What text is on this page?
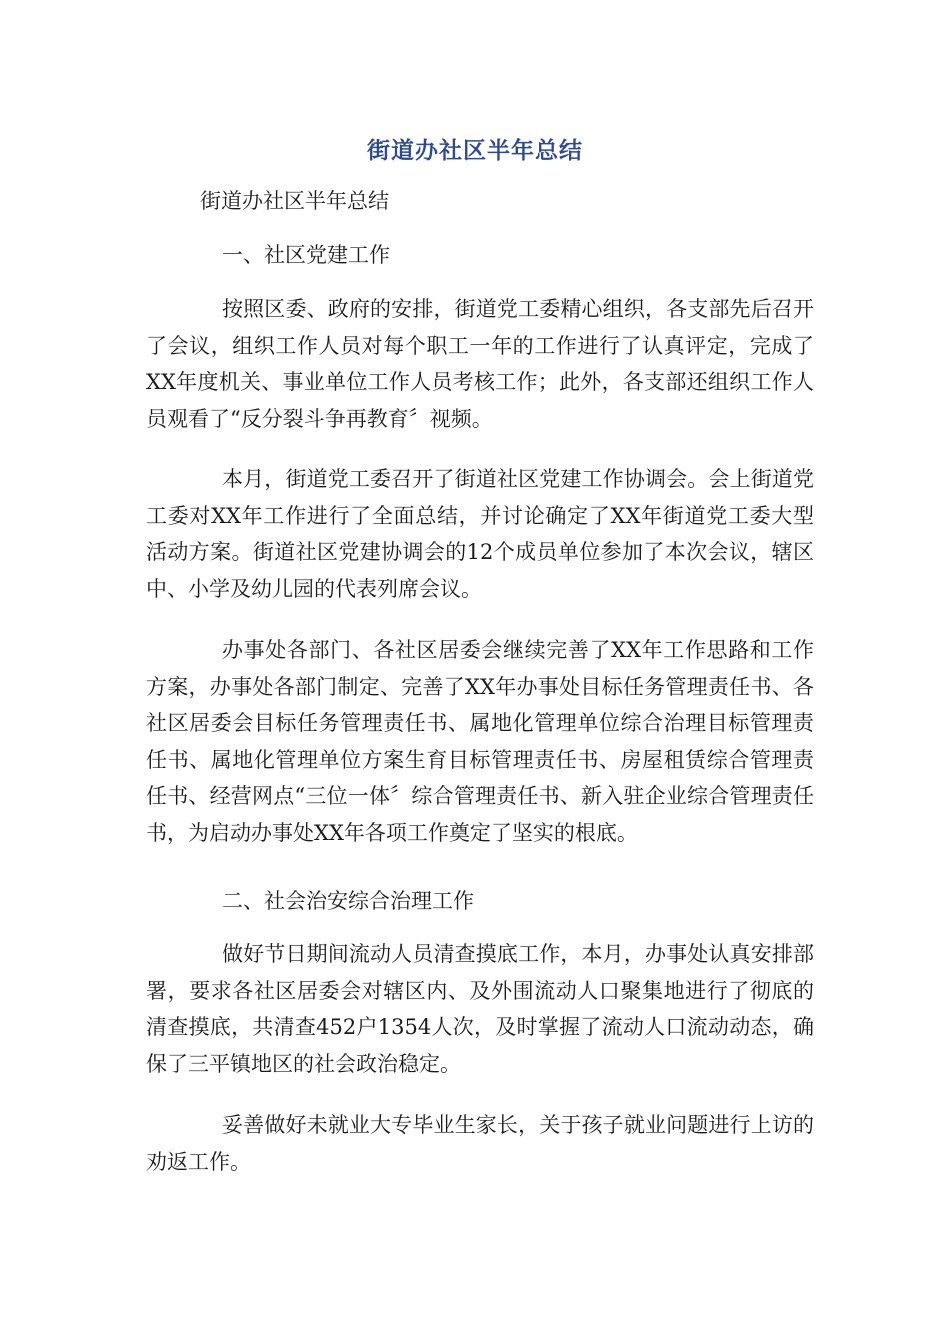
街道办社区半年总结

街道办社区半年总结

一、社区党建工作

按照区委、政府的安排，街道党工委精心组织，各支部先后召开了会议，组织工作人员对每个职工一年的工作进行了认真评定，完成了XX年度机关、事业单位工作人员考核工作；此外，各支部还组织工作人员观看了“反分裂斗争再教育〞视频。

本月，街道党工委召开了街道社区党建工作协调会。会上街道党工委对XX年工作进行了全面总结，并讨论确定了XX年街道党工委大型活动方案。街道社区党建协调会的12个成员单位参加了本次会议，辖区中、小学及幼儿园的代表列席会议。

办事处各部门、各社区居委会继续完善了XX年工作思路和工作方案，办事处各部门制定、完善了XX年办事处目标任务管理责任书、各社区居委会目标任务管理责任书、属地化管理单位综合治理目标管理责任书、属地化管理单位方案生育目标管理责任书、房屋租赁综合管理责任书、经营网点“三位一体〞综合管理责任书、新入驻企业综合管理责任书，为启动办事处XX年各项工作奠定了坚实的根底。

二、社会治安综合治理工作

做好节日期间流动人员清查摸底工作，本月，办事处认真安排部署，要求各社区居委会对辖区内、及外围流动人口聚集地进行了彻底的清查摸底，共清查452户1354人次，及时掌握了流动人口流动动态，确保了三平镇地区的社会政治稳定。

妥善做好未就业大专毕业生家长，关于孩子就业问题进行上访的劝返工作。
